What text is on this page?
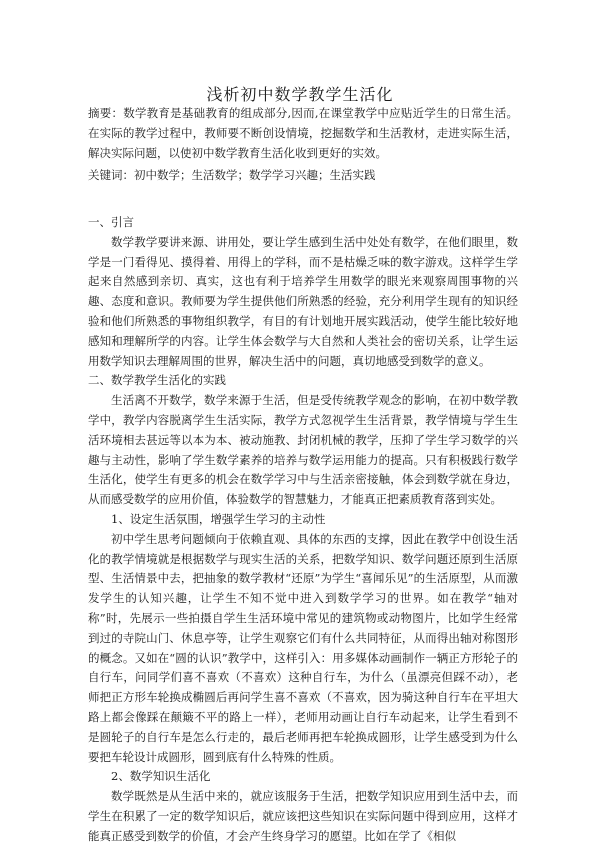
浅析初中数学教学生活化

摘要：数学教育是基础教育的组成部分,因而,在课堂教学中应贴近学生的日常生活。在实际的教学过程中，教师要不断创设情境，挖掘数学和生活教材，走进实际生活，解决实际问题，以使初中数学教育生活化收到更好的实效。

关键词：初中数学；生活数学；数学学习兴趣；生活实践

一、引言

数学教学要讲来源、讲用处，要让学生感到生活中处处有数学，在他们眼里，数学是一门看得见、摸得着、用得上的学科，而不是枯燥乏味的数字游戏。这样学生学起来自然感到亲切、真实，这也有利于培养学生用数学的眼光来观察周围事物的兴趣、态度和意识。教师要为学生提供他们所熟悉的经验，充分利用学生现有的知识经验和他们所熟悉的事物组织教学，有目的有计划地开展实践活动，使学生能比较好地感知和理解所学的内容。让学生体会数学与大自然和人类社会的密切关系，让学生运用数学知识去理解周围的世界，解决生活中的问题，真切地感受到数学的意义。

二、数学教学生活化的实践

生活离不开数学，数学来源于生活，但是受传统教学观念的影响，在初中数学教学中，教学内容脱离学生生活实际，教学方式忽视学生生活背景，教学情境与学生生活环境相去甚远等以本为本、被动施教、封闭机械的教学，压抑了学生学习数学的兴趣与主动性，影响了学生数学素养的培养与数学运用能力的提高。只有积极践行数学生活化，使学生有更多的机会在数学学习中与生活亲密接触，体会到数学就在身边，从而感受数学的应用价值，体验数学的智慧魅力，才能真正把素质教育落到实处。

1、设定生活氛围，增强学生学习的主动性

初中学生思考问题倾向于依赖直观、具体的东西的支撑，因此在教学中创设生活化的教学情境就是根据数学与现实生活的关系，把数学知识、数学问题还原到生活原型、生活情景中去，把抽象的数学教材“还原”为学生“喜闻乐见”的生活原型，从而激发学生的认知兴趣，让学生不知不觉中进入到数学学习的世界。如在教学“轴对称”时，先展示一些拍摄自学生生活环境中常见的建筑物或动物图片，比如学生经常到过的寺院山门、休息亭等，让学生观察它们有什么共同特征，从而得出轴对称图形的概念。又如在“圆的认识”教学中，这样引入：用多媒体动画制作一辆正方形轮子的自行车，问同学们喜不喜欢（不喜欢）这种自行车，为什么（虽漂亮但踩不动），老师把正方形车轮换成椭圆后再问学生喜不喜欢（不喜欢，因为骑这种自行车在平坦大路上都会像踩在颠簸不平的路上一样），老师用动画让自行车动起来，让学生看到不是圆轮子的自行车是怎么行走的，最后老师再把车轮换成圆形，让学生感受到为什么要把车轮设计成圆形，圆到底有什么特殊的性质。

2、数学知识生活化

数学既然是从生活中来的，就应该服务于生活，把数学知识应用到生活中去，而学生在积累了一定的数学知识后，就应该把这些知识在实际问题中得到应用，这样才能真正感受到数学的价值，才会产生终身学习的愿望。比如在学了《相似
